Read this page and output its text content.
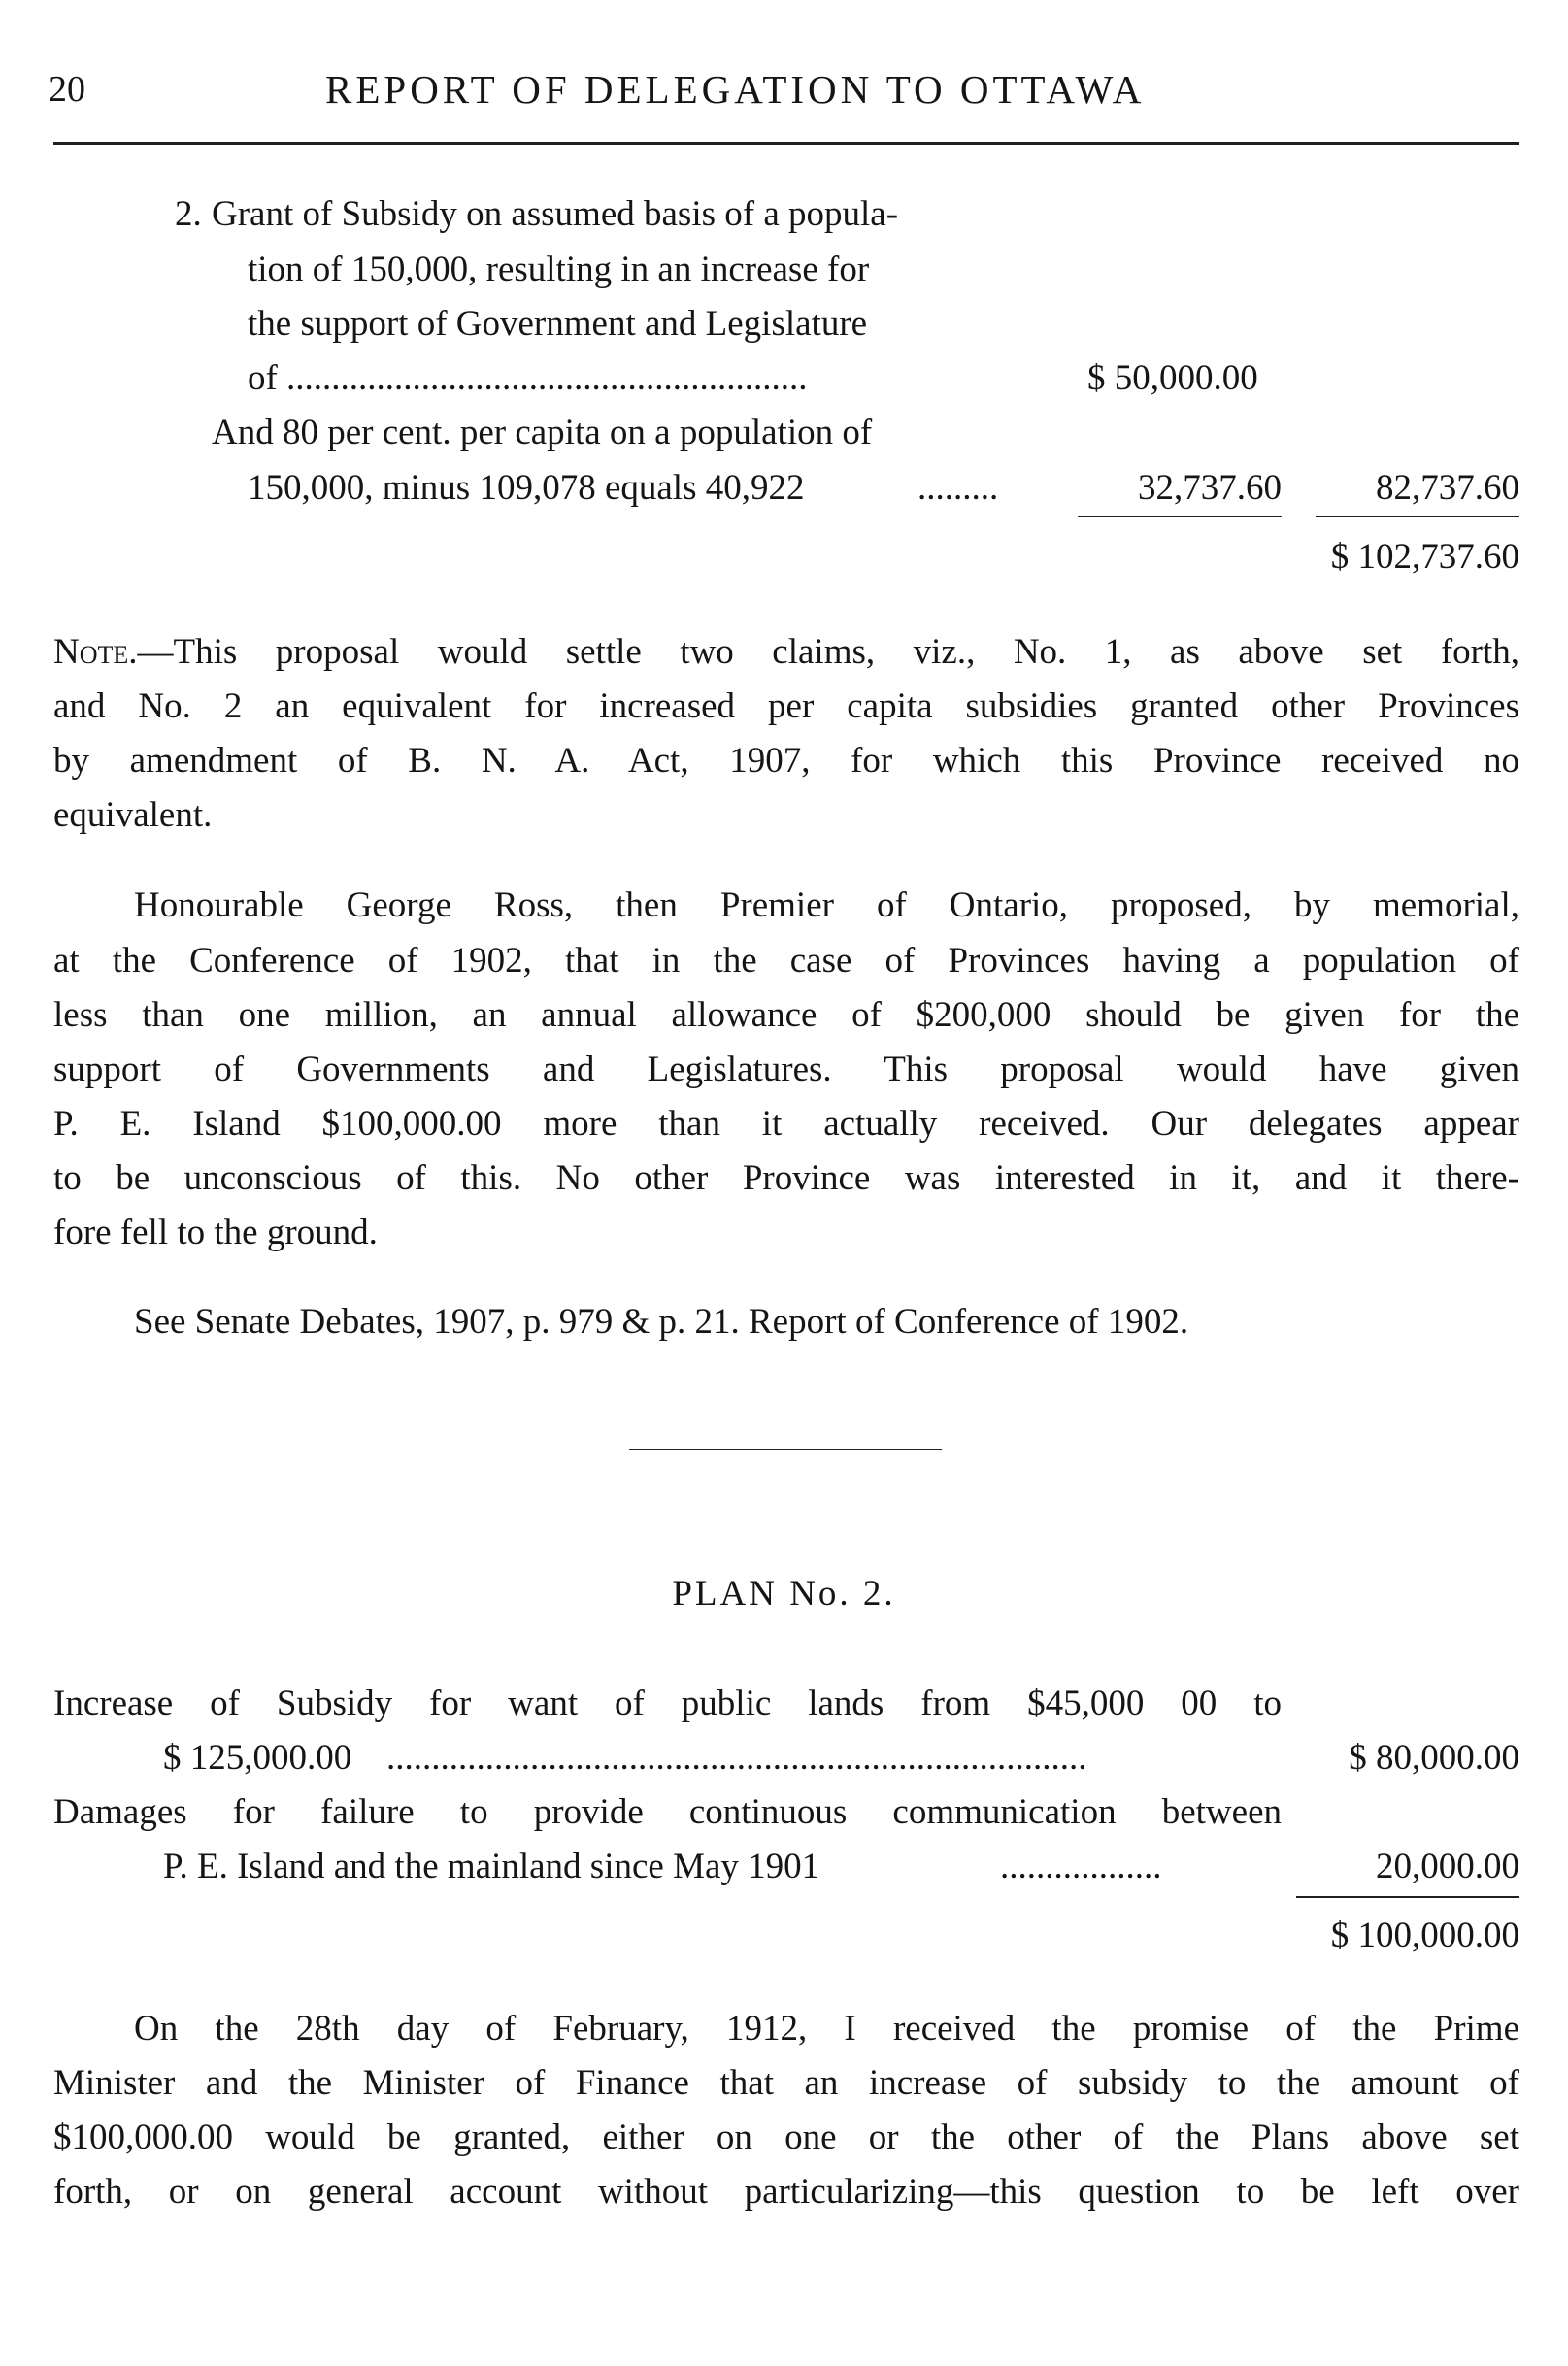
20	REPORT OF DELEGATION TO OTTAWA
2. Grant of Subsidy on assumed basis of a popula-
tion of 150,000, resulting in an increase for
the support of Government and Legislature
of ..........................................................	$ 50,000.00
And 80 per cent. per capita on a population of
150,000, minus 109,078 equals 40,922	.........	32,737.60	82,737.60
$ 102,737.60
Note.—This proposal would settle two claims, viz., No. 1, as above set forth,
and No. 2 an equivalent for increased per capita subsidies granted other Provinces
by amendment of B. N. A. Act, 1907, for which this Province received no
equivalent.
Honourable George Ross, then Premier of Ontario, proposed, by memorial,
at the Conference of 1902, that in the case of Provinces having a population of
less than one million, an annual allowance of $200,000 should be given for the
support of Governments and Legislatures. This proposal would have given
P. E. Island $100,000.00 more than it actually received. Our delegates appear
to be unconscious of this. No other Province was interested in it, and it there-
fore fell to the ground.
See Senate Debates, 1907, p. 979 & p. 21. Report of Conference of 1902.
PLAN No. 2.
Increase of Subsidy for want of public lands from $45,000 00 to
$ 125,000.00 ..............................................................................	$ 80,000.00
Damages for failure to provide continuous communication between
P. E. Island and the mainland since May 1901	..................	20,000.00
$ 100,000.00
On the 28th day of February, 1912, I received the promise of the Prime
Minister and the Minister of Finance that an increase of subsidy to the amount of
$100,000.00 would be granted, either on one or the other of the Plans above set
forth, or on general account without particularizing—this question to be left over
